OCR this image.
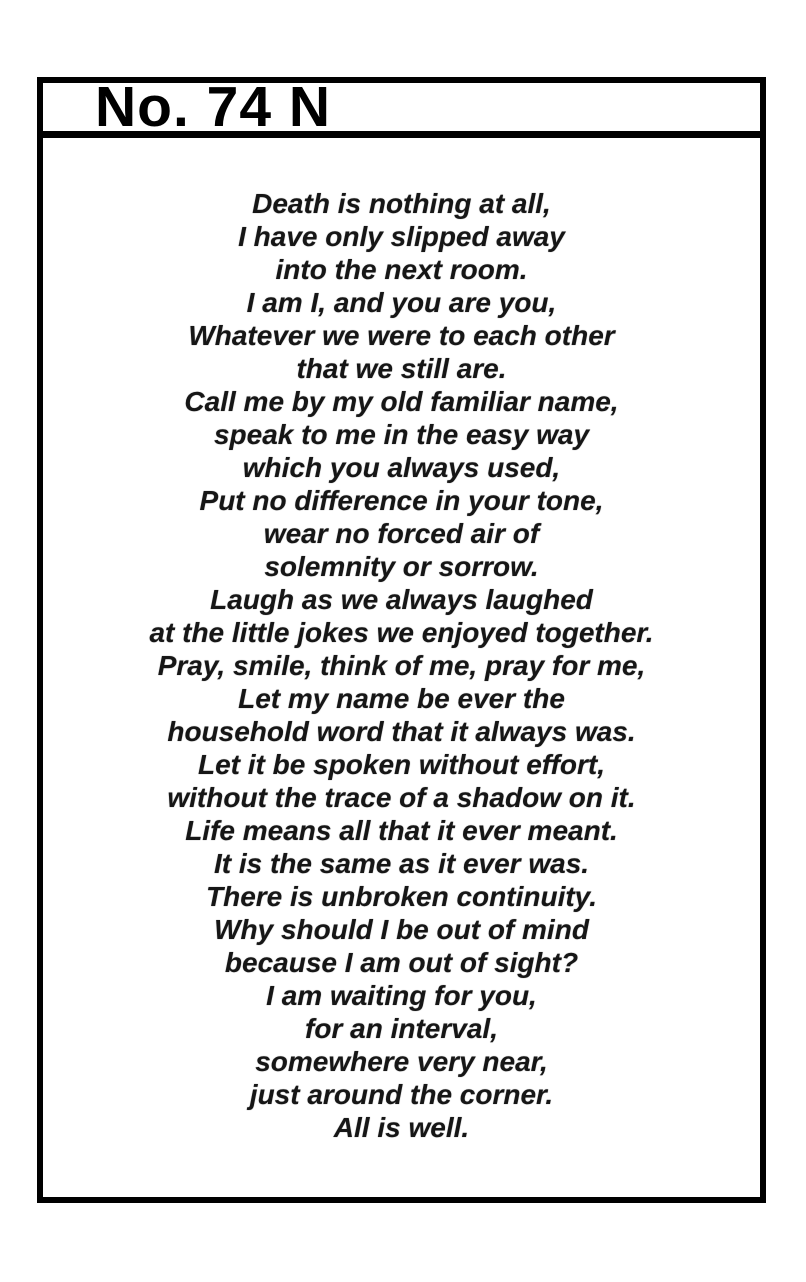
No. 74 N
Death is nothing at all,
I have only slipped away
into the next room.
I am I, and you are you,
Whatever we were to each other
that we still are.
Call me by my old familiar name,
speak to me in the easy way
which you always used,
Put no difference in your tone,
wear no forced air of
solemnity or sorrow.
Laugh as we always laughed
at the little jokes we enjoyed together.
Pray, smile, think of me, pray for me,
Let my name be ever the
household word that it always was.
Let it be spoken without effort,
without the trace of a shadow on it.
Life means all that it ever meant.
It is the same as it ever was.
There is unbroken continuity.
Why should I be out of mind
because I am out of sight?
I am waiting for you,
for an interval,
somewhere very near,
just around the corner.
All is well.
